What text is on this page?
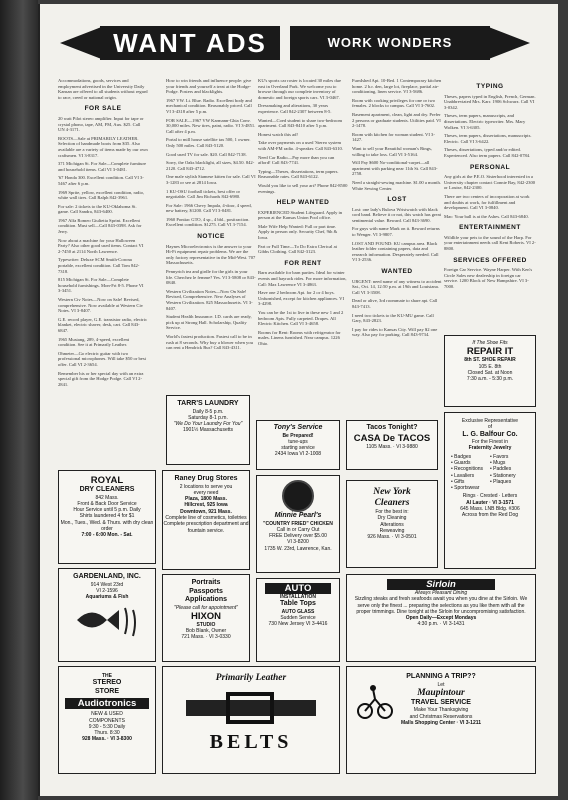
WANT ADS	WORK WONDERS

Accommodations, goods, services and employment advertised in the University Daily Kansan are offered to all students without regard to race, creed or national origin.

FOR SALE

20 watt Pilot stereo amplifier. Input for tape or crystal phono, tape, AM, FM, Aux. $25. Call UN 4-3171.

BOOTS—Sale at PRIMARILY LEATHER. Selection of handmade boots from $35. Also available are a variety of items made by our own craftsmen. VI 3-8317.

371 Michigan St. For Sale—Complete furniture and household items. Call VI 3-0481.

'67 Honda 300. Excellent condition. Call VI 3-5467 after 6 p.m.

1969 Sprite, yellow, excellent condition, radio, white wall tires. Call Ralph 842-3961.

For sale: 2 tickets to the KU-Oklahoma St. game. Call Sandra, 843-6400.

1967 Alfa Romeo Giulietta Sprint. Excellent condition. Must sell—Call 843-0398. Ask for Jerry.

Now about a machine for your Halloween Party? Also other good used items. Contact VI 2-7450 at 2114 North Lawrence.

Typewriter: Deluxe SCM Smith-Corona portable, excellent condition. Call Tom 842-7318.

815 Michigan St. For Sale—Complete household furnishings. Mon-Fri 8-5. Phone VI 3-3451.

Western Civ Notes—Now on Sale! Revised, comprehensive. Now available at Western Civ Notes. VI 3-8407.

G.E. record player, G.E. transistor radio, electric blanket, electric shaver, desk, cart. Call 843-6847.

1965 Mustang, 289, 4-speed, excellent condition. See it at Primarily Leather.

Ohmeter—Go electric guitar with two professional microphones. Will take $50 or best offer. Call VI 2-3654.

Remember his or her special day with an extra special gift from the Hodge Podge. Call VI 2-2841.

How to win friends and influence people: give your friends and yourself a treat at the Hodge-Podge. Posters and blacklights.

1967 VW. Lt. Blue. Radio. Excellent body and mechanical condition. Reasonably priced. Call VI 3-4318 after 5 p.m.

FOR SALE—1967 VW Karmann-Ghia Conv. 30,000 miles. New tires, paint, radio. VI 3-4851. Call after 4 p.m.

Portal to mill house satellite tax 500, 1 owner. Only 500 miles. Call 843-5120.

Good used TV for sale. $20. Call 842-7138.

Sorry, the Oaks blacklight, all sizes, $4.50. 842-2120. Call 843-4712.

One male stylish Siamese kitten for sale. Call VI 3-1283 or see at 2814 Iowa.

1 KU-OSU football tickets, best offer or negotiable. Call Jim Richards 842-6980.

For Sale: 1966 Chevy Impala, 4-door, 4 speed, new battery, $1200. Call VI 3-0481.

1960 Pontiac GTO, 4 sp., 4 bbl., positraction. Excellent condition. $1275. Call VI 3-7154.

NOTICE

Haynes Microelectronics is the answer to your Hi-Fi equipment repair problems. We are the only factory representative in the Mid-West. 707 Massachusetts.

Pennyrich tea and girdle for the girls in your life. Cherchez le femme? Yes. VI 3-5808 or 843-0840.

Western Civilization Notes—Now On Sale! Revised, Comprehensive. New Analyses of Western Civilization. 825 Massachusetts. VI 3-8407.

Student Health Insurance. I.D. cards are ready, pick up at Strong Hall. Scholarship, Quality Service.

World's fastest production. Fastest call to be in rush at 8 seconds. Why buy a blower when you can rent a Hendrick Bus? Call 843-4311.

KU's sports car roster is located 30 miles due east in Overland Park. We welcome you to browse through our complete inventory of domestic and foreign sports cars. VI 3-0467.

Dressmaking and alterations, 30 years experience. Call 842-2307 between 8-5.

Wanted—Coed student to share two-bedroom apartment. Call 843-8410 after 5 p.m.

Honest watch this ad!

Take over payments on a used 'Stereo system with AM-FM radio. 4-speaker. Call 843-6310.

Need Car Radio—Pay more than you can afford! Call 843-7741.

Typing—Theses, dissertations, term papers. Reasonable rates. Call 843-6122.

Would you like to sell your art? Phone 842-8500 evenings.

HELP WANTED

EXPERIENCED Student Lifeguard. Apply in person at the Kansas Union Pool office.

Male Wife Help Wanted: Full or part time. Apply in person only. Security Chef, 9th & Iowa.

Part or Full Time—To Do Extra Clerical at Gibbs Clothing. Call 842-3123.

FOR RENT

Barn available for barn parties. Ideal for winter events and hayrack rides. For more information, Call: Max Lawrence VI 3-4863.

Have one 2 bedroom Apt. for 2 or 4 boys. Unfurnished, except for kitchen appliances. VI 3-4298.

You can be the 1st to live in these new 1 and 2 bedroom Apts. Fully carpeted. Drapes. All Electric Kitchen. Call VI 3-4658.

Rooms for Rent: Rooms with refrigerator for males. Linens furnished. Near campus. 1226 Ohio.

FurnIshed Apt. 10-Bed. 1 Contemporary kitchen home. 2 b.r. den, large lot, fireplace, partial air-conditioning, linen service. VI 3-5686.

Room with cooking privileges for one or two females. 2 blocks to campus. Call VI 3-7602.

Basement apartment, clean, light and dry. Prefer 2 persons or graduate students. Utilities paid. VI 2-1478.

Room with kitchen for woman student. VI 3-1427.

Want to sell your Beautiful woman's Rings, willing to take loss. Call VI 3-5164.

Will Pay $600 No-conditional-carpet—all apartment with parking near 11th St. Call 843-2758.

Need a straight-sewing machine. $1.00 a month. White Sewing Center.

LOST

Lost: one lady's Bulova Wristwatch with black cord band. Believe it or not, this watch has great sentimental value. Reward. Call 843-3690.

For guys with name Mark on it. Reward returns to Wenger. VI 3-9807.

LOST AND FOUND: KU campus area. Black leather folder containing papers, data and research information. Desperately needed. Call VI 3-2536.

WANTED

URGENT: need name of any witness to accident Sat., Oct. 14, 12:50 p.m. at 19th and Louisiana. Call VI 3-3508.

Dead or alive, 3rd roommate to share apt. Call 843-7413.

I need two tickets to the KU-MU game. Call Gary, 843-2823.

I pay for rides to Kansas City. Will pay $2 one way. Also pay for parking. Call 843-9734.

TYPING

Theses, papers typed in English, French, German. Unabbreviated Mrs. Karr. 1906 Schwarz. Call VI 3-0342.

Theses, term papers, manuscripts, and dissertations. Electric typewriter. Mrs. Mary Wolken. VI 3-6305.

Theses, term papers, dissertations, manuscripts. Electric. Call VI 3-6422.

Theses, dissertations, typed and/or edited. Experienced. Also term papers. Call 842-0784.

PERSONAL

Any girls at the P.E.O. Sisterhood interested in a University chapter contact Connie Bay, 842-2300 or Louise, 842-2300.

There are two centers of incorporation at work and doubts at work, for fulfillment and development. Call VI 3-0840.

Mac: Your ball is at the Ashes. Call 843-6840.

ENTERTAINMENT

Wildlife your pets to the sound of the Harp. For your entertainment needs call Kent Roberts. VI 2-8800.

SERVICES OFFERED

Foreign Car Service. Wayne Harper. With Ken's Circle Sales new dealership in foreign car service. 1200 Block of New Hampshire. VI 3-7000.

TARR'S LAUNDRY
Daily 8-5 p.m.
Saturday 8-1 p.m.
"We Do Your Laundry For You"
1901½ Massachusetts	Tony's Service
Be Prepared!
tune-ups
starting service
2434 Iowa VI 2-1008
Tacos Tonight?
CASA De TACOS
1105 Mass. · VI 3-9880
If The Shoe Fits
REPAIR IT
8th ST. SHOE REPAIR
105 E. 8th
Closed Sat. at Noon
7:30 a.m. - 5:30 p.m.
ROYAL
DRY CLEANERS
842 Mass.
Front & Back Door Service
Hour Service until 5 p.m. Daily
Shirts laundered 4 for $1
Mon., Tues., Wed. & Thurs. with dry clean order
7:00 - 6:00 Mon. - Sat.
Raney Drug Stores
2 locations to serve you
every need
Plaza, 1800 Mass.
Hillcrest, 925 Iowa
Downtown, 921 Mass.
Complete line of cosmetics, toiletries
Complete prescription department and fountain service.
Minnie Pearl's
"COUNTRY FRIED" CHICKEN
Call in or Carry Out
FREE Delivery over $5.00
VI 3-8200
1735 W. 23rd, Lawrence, Kan.
New York
Cleaners
For the best in:
Dry Cleaning
Alterations
Reweaving
926 Mass. · VI 3-0501
Exclusive Representative
of
L. G. Balfour Co.
For the Finest in
Fraternity Jewelry
• Badges	• Favors
• Guards	• Mugs
• Recognitions	• Paddles
• Lavaliers	• Stationery
• Gifts	• Plaques
• Sportswear
Rings · Crested · Letters
Al Lauter · VI 3-1571
645 Mass. LNB Bldg. #306
Across from the Red Dog
GARDENLAND, INC.
914 West 23rd
VI 2-1596
Aquariums & Fish
Portraits
Passports
Applications
"Please call for appointment"
HIXON
STUDIO
Bob Blank, Owner
721 Mass. · VI 3-0330
AUTO
INSTALLATION
Table Tops
AUTO GLASS
Sudden Service
730 New Jersey VI 3-4416
Sirloin
Always Pleasant Dining
Sizzling steaks and fresh seafoods await you when you dine at the Sirloin. We serve only the finest ... preparing the selections as you like them with all the proper trimmings. Dine tonight at the Sirloin for uncompromising satisfaction.
Open Daily—Except Mondays
4:30 p.m. · VI 3-1431
THE
STEREO
STORE
Audiotronics
NEW & USED
COMPONENTS
9:30 - 5:30 Daily
Thurs. 8:30
928 Mass. · VI 3-8300
Primarily Leather
BELTS
PLANNING A TRIP??
Let
Maupintour
TRAVEL SERVICE
Make Your Thanksgiving
and Christmas Reservations
Malls Shopping Center · VI 3-1211
